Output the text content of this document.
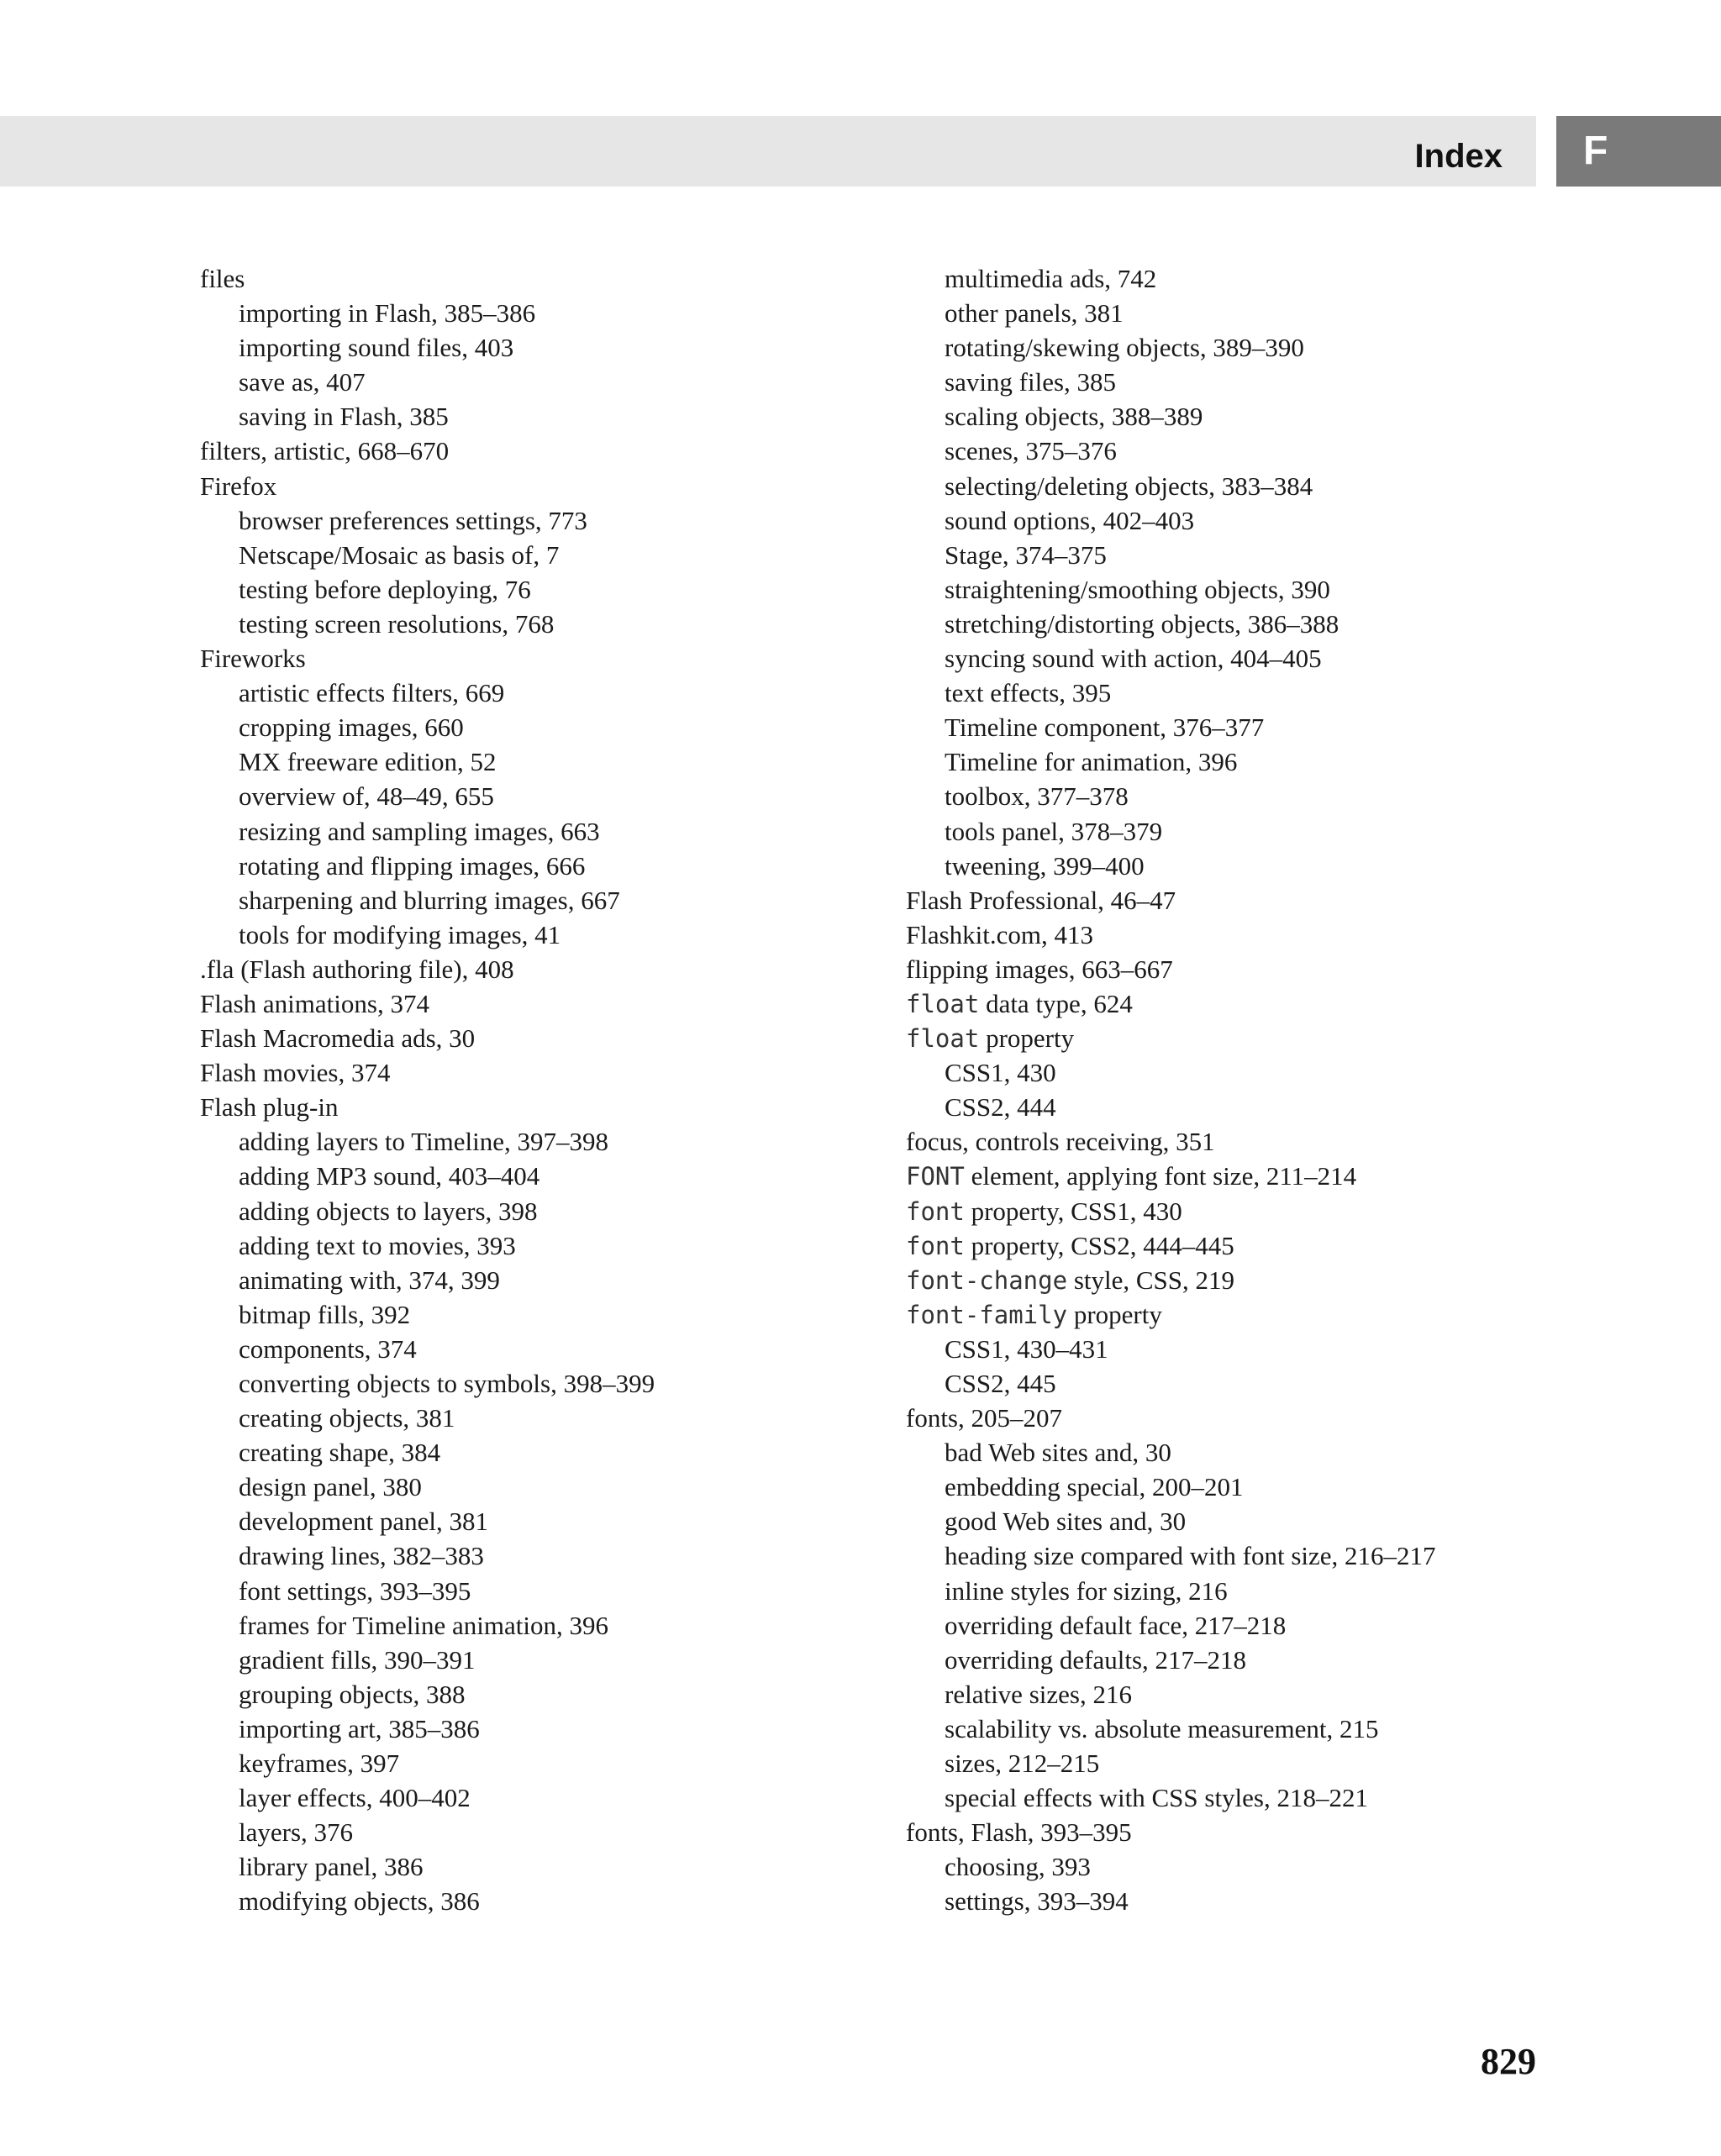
Index F
files
importing in Flash, 385–386
importing sound files, 403
save as, 407
saving in Flash, 385
filters, artistic, 668–670
Firefox
browser preferences settings, 773
Netscape/Mosaic as basis of, 7
testing before deploying, 76
testing screen resolutions, 768
Fireworks
artistic effects filters, 669
cropping images, 660
MX freeware edition, 52
overview of, 48–49, 655
resizing and sampling images, 663
rotating and flipping images, 666
sharpening and blurring images, 667
tools for modifying images, 41
.fla (Flash authoring file), 408
Flash animations, 374
Flash Macromedia ads, 30
Flash movies, 374
Flash plug-in
adding layers to Timeline, 397–398
adding MP3 sound, 403–404
adding objects to layers, 398
adding text to movies, 393
animating with, 374, 399
bitmap fills, 392
components, 374
converting objects to symbols, 398–399
creating objects, 381
creating shape, 384
design panel, 380
development panel, 381
drawing lines, 382–383
font settings, 393–395
frames for Timeline animation, 396
gradient fills, 390–391
grouping objects, 388
importing art, 385–386
keyframes, 397
layer effects, 400–402
layers, 376
library panel, 386
modifying objects, 386
multimedia ads, 742
other panels, 381
rotating/skewing objects, 389–390
saving files, 385
scaling objects, 388–389
scenes, 375–376
selecting/deleting objects, 383–384
sound options, 402–403
Stage, 374–375
straightening/smoothing objects, 390
stretching/distorting objects, 386–388
syncing sound with action, 404–405
text effects, 395
Timeline component, 376–377
Timeline for animation, 396
toolbox, 377–378
tools panel, 378–379
tweening, 399–400
Flash Professional, 46–47
Flashkit.com, 413
flipping images, 663–667
float data type, 624
float property
CSS1, 430
CSS2, 444
focus, controls receiving, 351
FONT element, applying font size, 211–214
font property, CSS1, 430
font property, CSS2, 444–445
font-change style, CSS, 219
font-family property
CSS1, 430–431
CSS2, 445
fonts, 205–207
bad Web sites and, 30
embedding special, 200–201
good Web sites and, 30
heading size compared with font size, 216–217
inline styles for sizing, 216
overriding default face, 217–218
overriding defaults, 217–218
relative sizes, 216
scalability vs. absolute measurement, 215
sizes, 212–215
special effects with CSS styles, 218–221
fonts, Flash, 393–395
choosing, 393
settings, 393–394
829
